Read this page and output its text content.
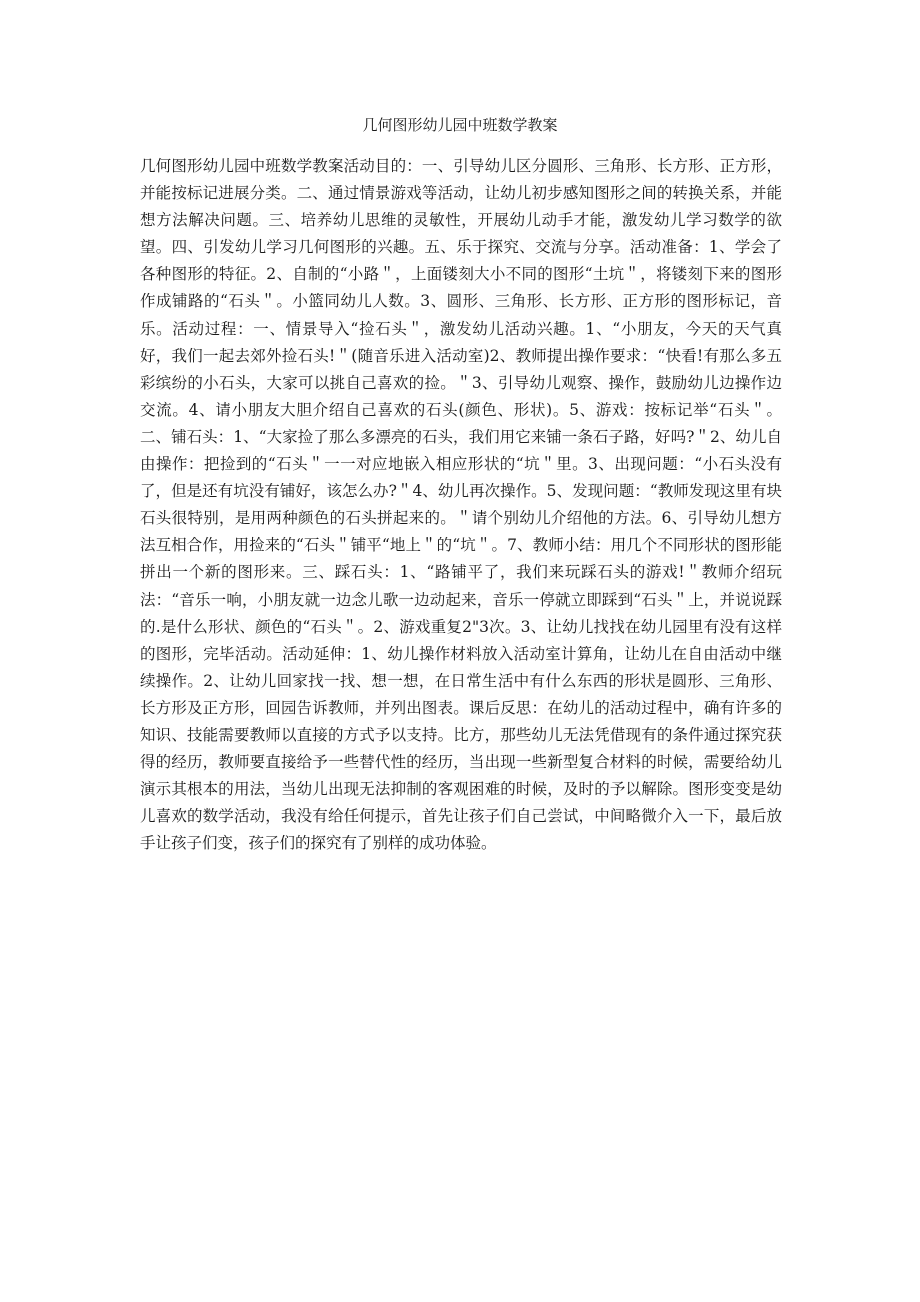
几何图形幼儿园中班数学教案

几何图形幼儿园中班数学教案活动目的：一、引导幼儿区分圆形、三角形、长方形、正方形，并能按标记进展分类。二、通过情景游戏等活动，让幼儿初步感知图形之间的转换关系，并能想方法解决问题。三、培养幼儿思维的灵敏性，开展幼儿动手才能，激发幼儿学习数学的欲望。四、引发幼儿学习几何图形的兴趣。五、乐于探究、交流与分享。活动准备：1、学会了各种图形的特征。2、自制的“小路＂，上面镂刻大小不同的图形“土坑＂，将镂刻下来的图形作成铺路的“石头＂。小篮同幼儿人数。3、圆形、三角形、长方形、正方形的图形标记，音乐。活动过程：一、情景导入“捡石头＂，激发幼儿活动兴趣。1、“小朋友，今天的天气真好，我们一起去郊外捡石头!＂(随音乐进入活动室)2、教师提出操作要求：“快看!有那么多五彩缤纷的小石头，大家可以挑自己喜欢的捡。＂3、引导幼儿观察、操作，鼓励幼儿边操作边交流。4、请小朋友大胆介绍自己喜欢的石头(颜色、形状)。5、游戏：按标记举“石头＂。二、铺石头：1、“大家捡了那么多漂亮的石头，我们用它来铺一条石子路，好吗?＂2、幼儿自由操作：把捡到的“石头＂一一对应地嵌入相应形状的“坑＂里。3、出现问题：“小石头没有了，但是还有坑没有铺好，该怎么办?＂4、幼儿再次操作。5、发现问题：“教师发现这里有块石头很特别，是用两种颜色的石头拼起来的。＂请个别幼儿介绍他的方法。6、引导幼儿想方法互相合作，用捡来的“石头＂铺平“地上＂的“坑＂。7、教师小结：用几个不同形状的图形能拼出一个新的图形来。三、踩石头：1、“路铺平了，我们来玩踩石头的游戏!＂教师介绍玩法：“音乐一响，小朋友就一边念儿歌一边动起来，音乐一停就立即踩到“石头＂上，并说说踩的.是什么形状、颜色的“石头＂。2、游戏重复2"3次。3、让幼儿找找在幼儿园里有没有这样的图形，完毕活动。活动延伸：1、幼儿操作材料放入活动室计算角，让幼儿在自由活动中继续操作。2、让幼儿回家找一找、想一想，在日常生活中有什么东西的形状是圆形、三角形、长方形及正方形，回园告诉教师，并列出图表。课后反思：在幼儿的活动过程中，确有许多的知识、技能需要教师以直接的方式予以支持。比方，那些幼儿无法凭借现有的条件通过探究获得的经历，教师要直接给予一些替代性的经历，当出现一些新型复合材料的时候，需要给幼儿演示其根本的用法，当幼儿出现无法抑制的客观困难的时候，及时的予以解除。图形变变是幼儿喜欢的数学活动，我没有给任何提示，首先让孩子们自己尝试，中间略微介入一下，最后放手让孩子们变，孩子们的探究有了别样的成功体验。
